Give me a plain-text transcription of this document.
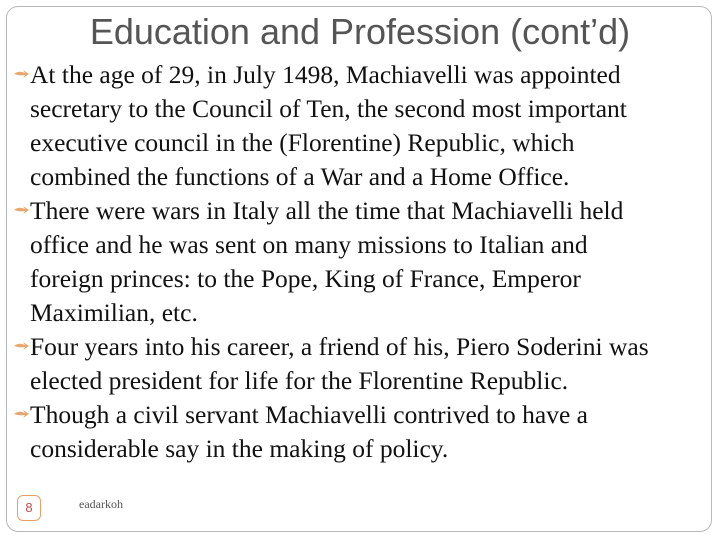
Education and Profession (cont’d)
At the age of 29, in July 1498, Machiavelli was appointed
secretary to the Council of Ten, the second most important
executive council in the (Florentine) Republic, which
combined the functions of a War and a Home Office.
There were wars in Italy all the time that Machiavelli held
office and he was sent on many missions to Italian and
foreign princes: to the Pope, King of France, Emperor
Maximilian, etc.
Four years into his career, a friend of his, Piero Soderini was
elected president for life for the Florentine Republic.
Though a civil servant Machiavelli contrived to have a
considerable say in the making of policy.
8	eadarkoh
